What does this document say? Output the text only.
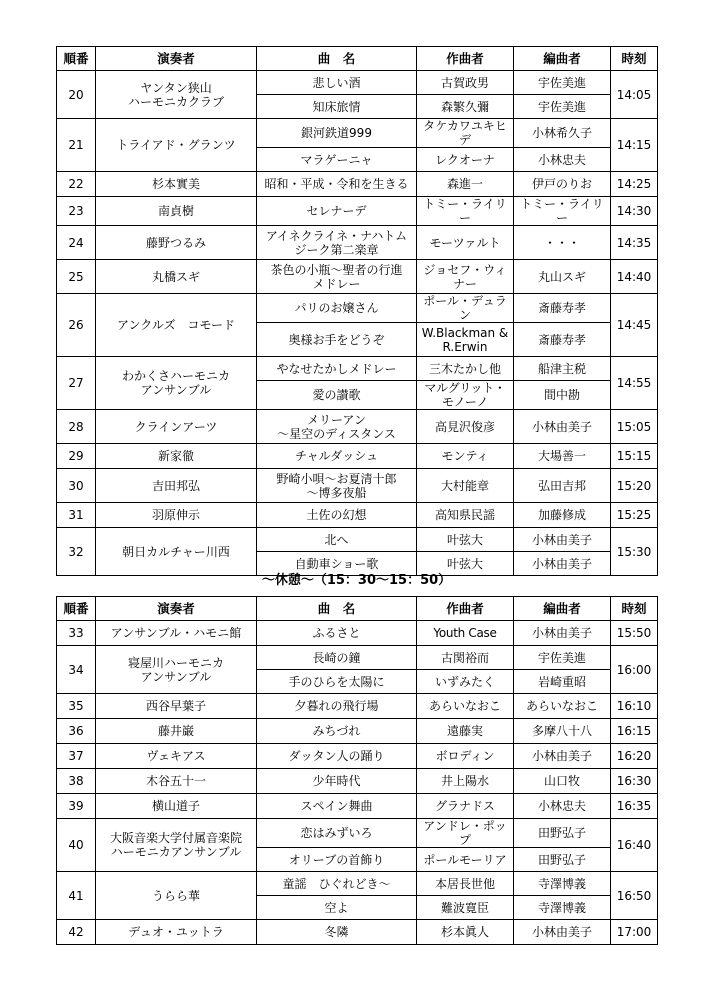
順番	演奏者	曲　名	作曲者	編曲者	時刻
20	ヤンタン狭山
ハーモニカクラブ	悲しい酒	古賀政男	宇佐美進	14:05
		知床旅情	森繁久彌	宇佐美進	
21	トライアド・グランツ	銀河鉄道999	タケカワユキヒデ	小林希久子	14:15
		マラゲーニャ	レクオーナ	小林忠夫	
22	杉本實美	昭和・平成・令和を生きる	森進一	伊戸のりお	14:25
23	南貞樹	セレナーデ	トミー・ライリー	トミー・ライリー	14:30
24	藤野つるみ	アイネクライネ・ナハトム
ジーク第二楽章	モーツァルト	・・・	14:35
25	丸橋スギ	茶色の小瓶～聖者の行進
メドレー	ジョセフ・ウィナー	丸山スギ	14:40
26	アンクルズ　コモード	パリのお嬢さん	ポール・デュラン	斎藤寿孝	14:45
		奥様お手をどうぞ	W.Blackman &
R.Erwin	斎藤寿孝	
27	わかくさハーモニカ
アンサンブル	やなせたかしメドレー	三木たかし他	船津主税	14:55
		愛の讃歌	マルグリット・モノーノ	間中勘	
28	クラインアーツ	メリーアン
～星空のディスタンス	高見沢俊彦	小林由美子	15:05
29	新家徹	チャルダッシュ	モンティ	大場善一	15:15
30	吉田邦弘	野崎小唄～お夏清十郎
～博多夜船	大村能章	弘田吉邦	15:20
31	羽原伸示	土佐の幻想	高知県民謡	加藤修成	15:25
32	朝日カルチャー川西	北へ	叶弦大	小林由美子	15:30
		自動車ショー歌	叶弦大	小林由美子	
～休憩～（15：30～15：50）
順番	演奏者	曲　名	作曲者	編曲者	時刻
33	アンサンブル・ハモニ館	ふるさと	Youth Case	小林由美子	15:50
34	寝屋川ハーモニカ
アンサンブル	長崎の鐘	古関裕而	宇佐美進	16:00
		手のひらを太陽に	いずみたく	岩崎重昭	
35	西谷早葉子	夕暮れの飛行場	あらいなおこ	あらいなおこ	16:10
36	藤井巌	みちづれ	遠藤実	多摩八十八	16:15
37	ヴェキアス	ダッタン人の踊り	ボロディン	小林由美子	16:20
38	木谷五十一	少年時代	井上陽水	山口牧	16:30
39	横山道子	スペイン舞曲	グラナドス	小林忠夫	16:35
40	大阪音楽大学付属音楽院
ハーモニカアンサンブル	恋はみずいろ	アンドレ・ポップ	田野弘子	16:40
		オリーブの首飾り	ポールモーリア	田野弘子	
41	うらら華	童謡　ひぐれどき～	本居長世他	寺澤博義	16:50
		空よ	難波寛臣	寺澤博義	
42	デュオ・ユットラ	冬隣	杉本眞人	小林由美子	17:00
